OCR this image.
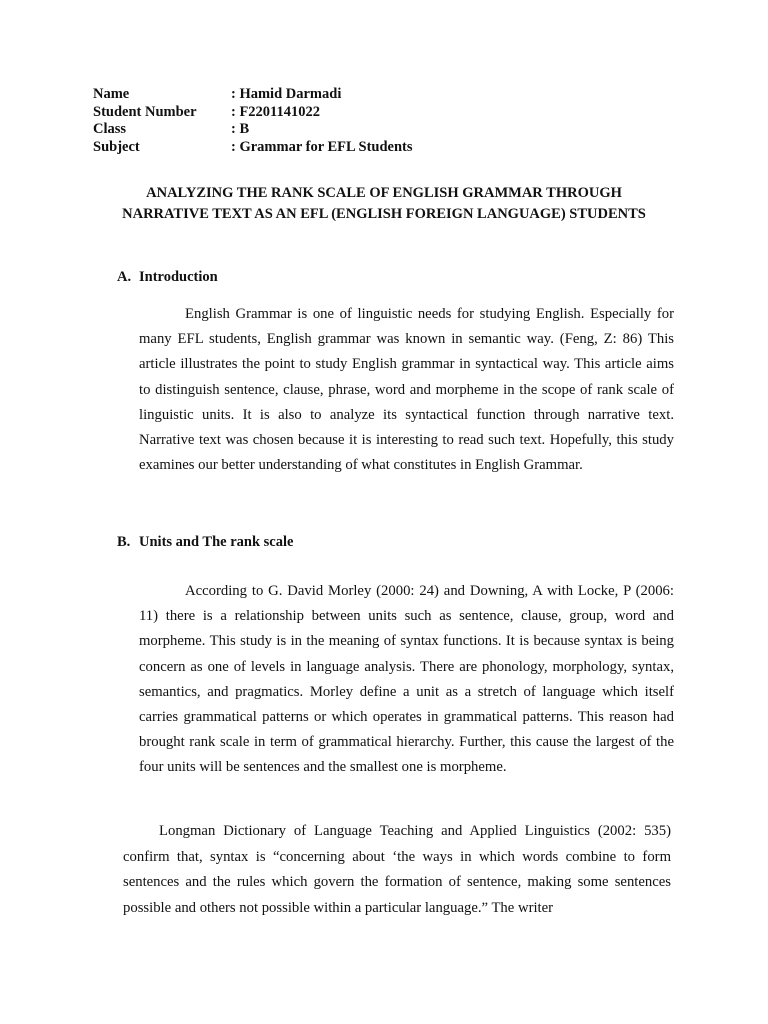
Name	: Hamid Darmadi
Student Number	: F2201141022
Class	: B
Subject	: Grammar for EFL Students
ANALYZING THE RANK SCALE OF ENGLISH GRAMMAR THROUGH
NARRATIVE TEXT AS AN EFL (ENGLISH FOREIGN LANGUAGE) STUDENTS
A. Introduction

English Grammar is one of linguistic needs for studying English. Especially for many EFL students, English grammar was known in semantic way. (Feng, Z: 86) This article illustrates the point to study English grammar in syntactical way. This article aims to distinguish sentence, clause, phrase, word and morpheme in the scope of rank scale of linguistic units. It is also to analyze its syntactical function through narrative text. Narrative text was chosen because it is interesting to read such text. Hopefully, this study examines our better understanding of what constitutes in English Grammar.

B. Units and The rank scale

According to G. David Morley (2000: 24) and Downing, A with Locke, P (2006: 11) there is a relationship between units such as sentence, clause, group, word and morpheme. This study is in the meaning of syntax functions. It is because syntax is being concern as one of levels in language analysis. There are phonology, morphology, syntax, semantics, and pragmatics. Morley define a unit as a stretch of language which itself carries grammatical patterns or which operates in grammatical patterns. This reason had brought rank scale in term of grammatical hierarchy. Further, this cause the largest of the four units will be sentences and the smallest one is morpheme.

Longman Dictionary of Language Teaching and Applied Linguistics (2002: 535) confirm that, syntax is “concerning about ‘the ways in which words combine to form sentences and the rules which govern the formation of sentence, making some sentences possible and others not possible within a particular language.” The writer
